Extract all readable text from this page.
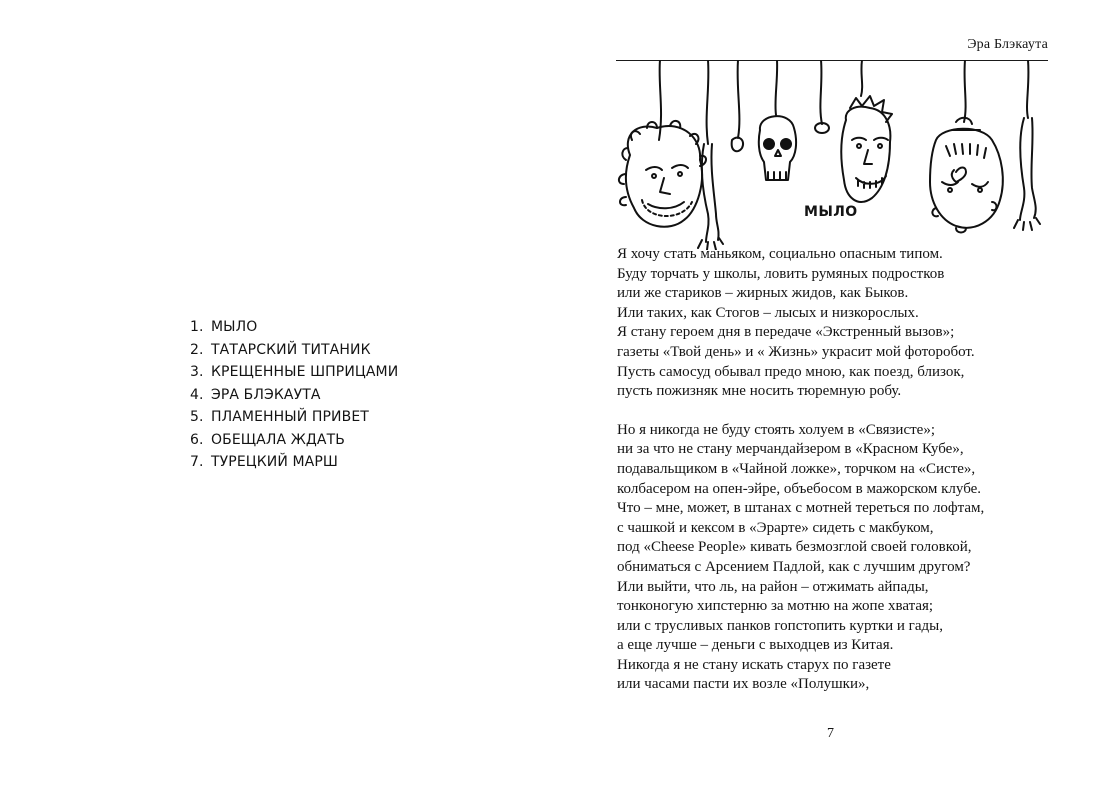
1. МЫЛО
2. ТАТАРСКИЙ ТИТАНИК
3. КРЕЩЕННЫЕ ШПРИЦАМИ
4. ЭРА БЛЭКАУТА
5. ПЛАМЕННЫЙ ПРИВЕТ
6. ОБЕЩАЛА ЖДАТЬ
7. ТУРЕЦКИЙ МАРШ
Эра Блэкаута
МЫЛО
Я хочу стать маньяком, социально опасным типом.
Буду торчать у школы, ловить румяных подростков
или же стариков – жирных жидов, как Быков.
Или таких, как Стогов – лысых и низкорослых.
Я стану героем дня в передаче «Экстренный вызов»;
газеты «Твой день» и « Жизнь» украсит мой фоторобот.
Пусть самосуд обывал предо мною, как поезд, близок,
пусть пожизняк мне носить тюремную робу.
Но я никогда не буду стоять холуем в «Связисте»;
ни за что не стану мерчандайзером в «Красном Кубе»,
подавальщиком в «Чайной ложке», торчком на «Систе»,
колбасером на опен-эйре, объебосом в мажорском клубе.
Что – мне, может, в штанах с мотней тереться по лофтам,
с чашкой и кексом в «Эрарте» сидеть с макбуком,
под «Cheese People» кивать безмозглой своей головкой,
обниматься с Арсением Падлой, как с лучшим другом?
Или выйти, что ль, на район – отжимать айпады,
тонконогую хипстерню за мотню на жопе хватая;
или с трусливых панков гопстопить куртки и гады,
а еще лучше – деньги с выходцев из Китая.
Никогда я не стану искать старух по газете
или часами пасти их возле «Полушки»,
7
